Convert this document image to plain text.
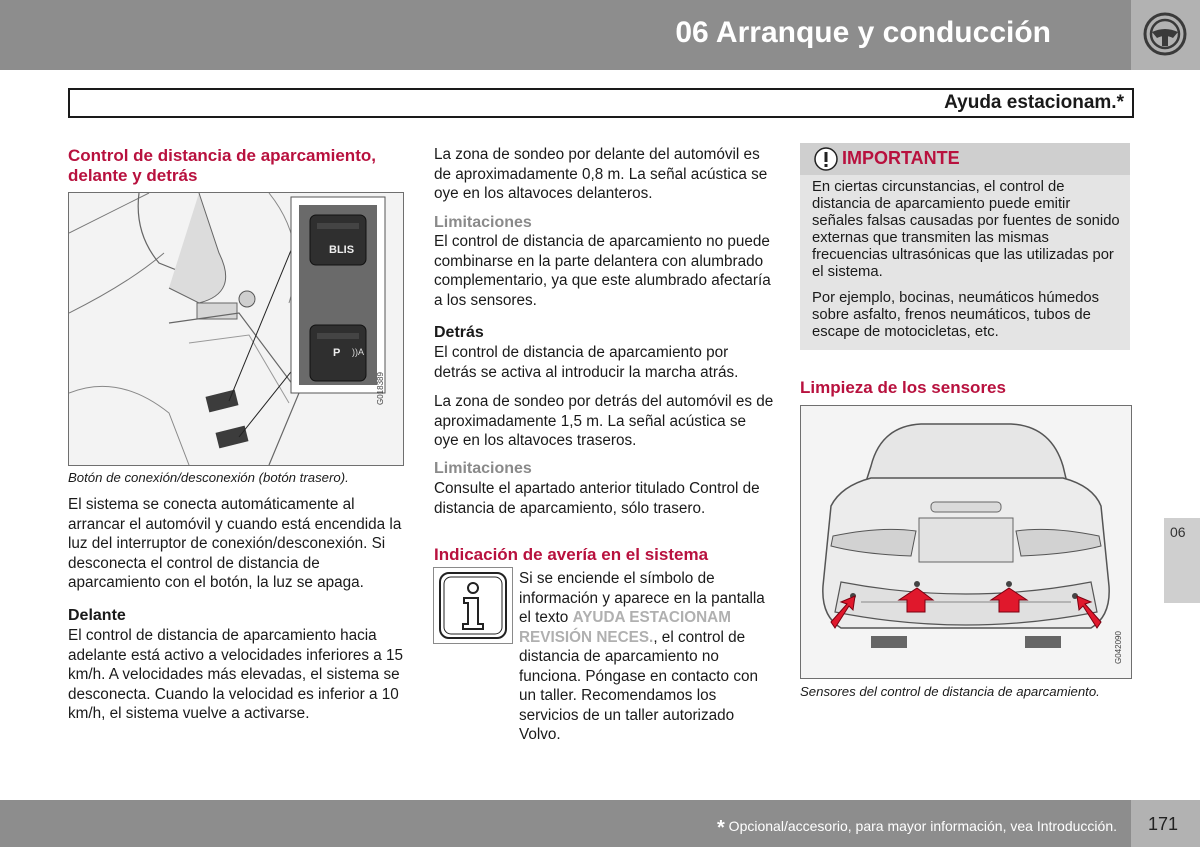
06 Arranque y conducción
Ayuda estacionam.*
Control de distancia de aparcamiento, delante y detrás
))A
BLIS
P
G018389
Botón de conexión/desconexión (botón trasero).
El sistema se conecta automáticamente al arrancar el automóvil y cuando está encendida la luz del interruptor de conexión/desconexión. Si desconecta el control de distancia de aparcamiento con el botón, la luz se apaga.
Delante
El control de distancia de aparcamiento hacia adelante está activo a velocidades inferiores a 15 km/h. A velocidades más elevadas, el sistema se desconecta. Cuando la velocidad es inferior a 10 km/h, el sistema vuelve a activarse.
La zona de sondeo por delante del automóvil es de aproximadamente 0,8 m. La señal acústica se oye en los altavoces delanteros.
Limitaciones
El control de distancia de aparcamiento no puede combinarse en la parte delantera con alumbrado complementario, ya que este alumbrado afectaría a los sensores.
Detrás
El control de distancia de aparcamiento por detrás se activa al introducir la marcha atrás.
La zona de sondeo por detrás del automóvil es de aproximadamente 1,5 m. La señal acústica se oye en los altavoces traseros.
Limitaciones
Consulte el apartado anterior titulado Control de distancia de aparcamiento, sólo trasero.
Indicación de avería en el sistema
Si se enciende el símbolo de información y aparece en la pantalla el texto AYUDA ESTACIONAM REVISIÓN NECES., el control de distancia de aparcamiento no funciona. Póngase en contacto con un taller. Recomendamos los servicios de un taller autorizado Volvo.
IMPORTANTE
En ciertas circunstancias, el control de distancia de aparcamiento puede emitir señales falsas causadas por fuentes de sonido externas que transmiten las mismas frecuencias ultrasónicas que las utilizadas por el sistema.
Por ejemplo, bocinas, neumáticos húmedos sobre asfalto, frenos neumáticos, tubos de escape de motocicletas, etc.
Limpieza de los sensores
G042090
Sensores del control de distancia de aparcamiento.
06
* Opcional/accesorio, para mayor información, vea Introducción. 171
